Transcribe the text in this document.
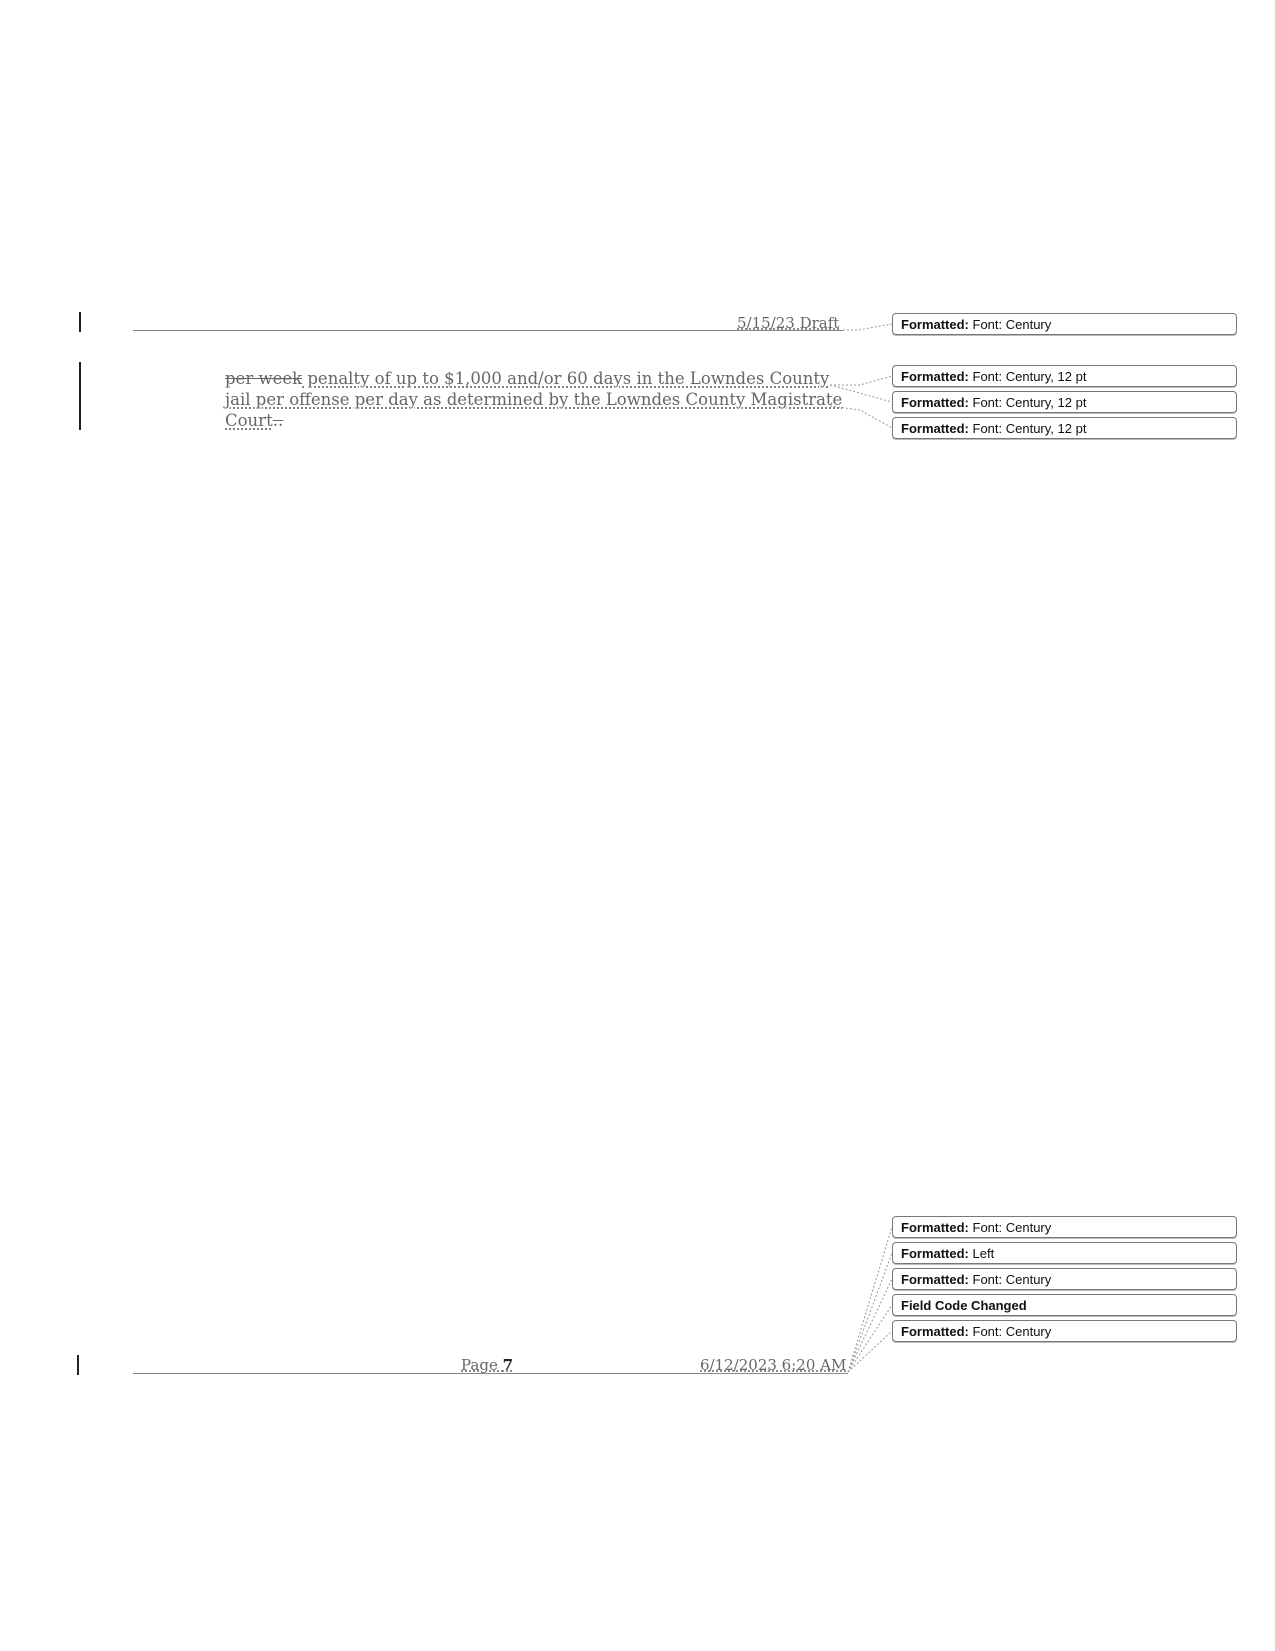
5/15/23 Draft
per week penalty of up to $1,000 and/or 60 days in the Lowndes County
jail per offense per day as determined by the Lowndes County Magistrate
Court..
Formatted: Font: Century
Formatted: Font: Century, 12 pt
Formatted: Font: Century, 12 pt
Formatted: Font: Century, 12 pt
Formatted: Font: Century
Formatted: Left
Formatted: Font: Century
Field Code Changed
Formatted: Font: Century
Page 7	6/12/2023 6:20 AM
